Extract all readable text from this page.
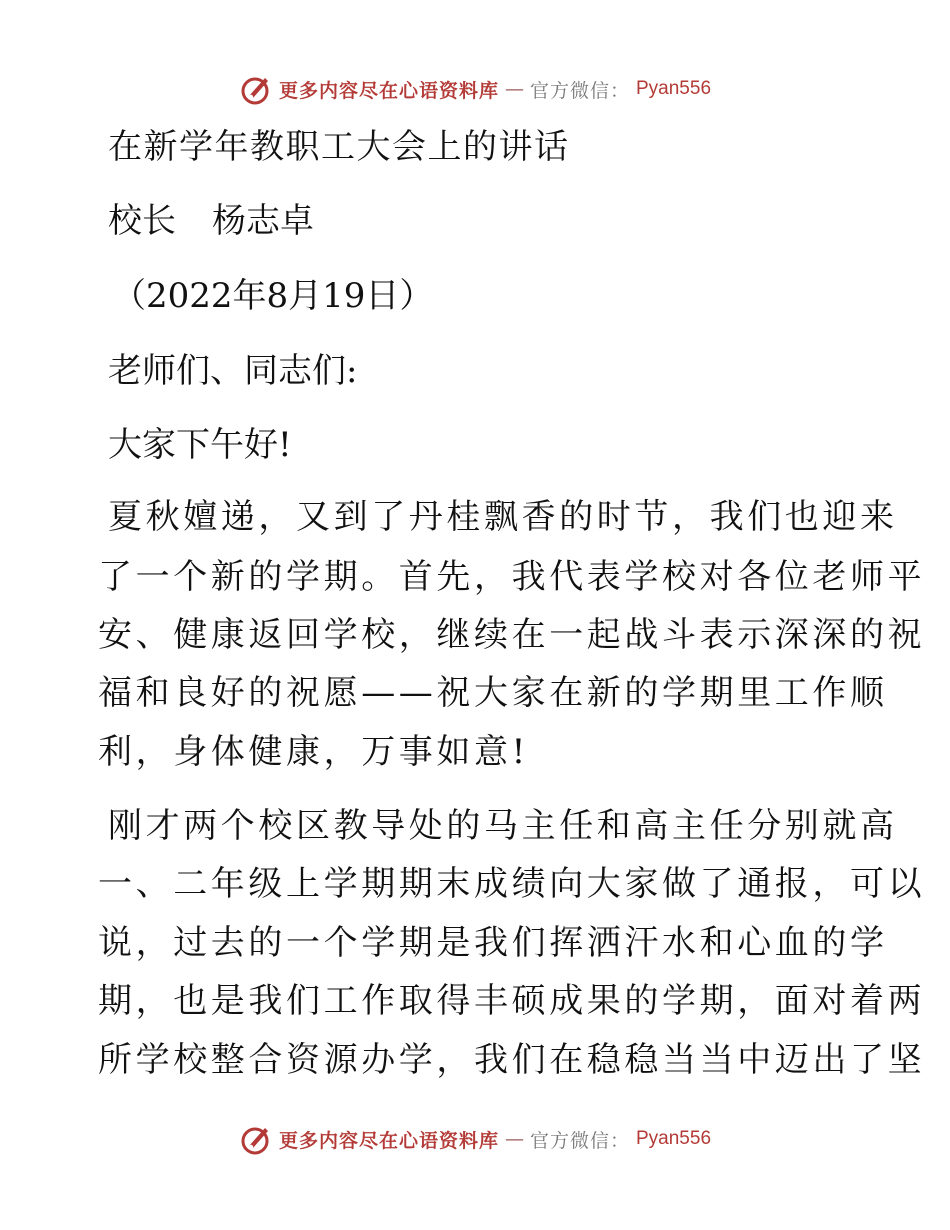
更多内容尽在心语资料库 — 官方微信： Pyan556
在新学年教职工大会上的讲话
校长 杨志卓
（2022年8月19日）
老师们、同志们:
大家下午好!
夏秋嬗递，又到了丹桂飘香的时节，我们也迎来
了一个新的学期。首先，我代表学校对各位老师平
安、健康返回学校，继续在一起战斗表示深深的祝
福和良好的祝愿——祝大家在新的学期里工作顺
利，身体健康，万事如意!
刚才两个校区教导处的马主任和高主任分别就高
一、二年级上学期期末成绩向大家做了通报，可以
说，过去的一个学期是我们挥洒汗水和心血的学
期，也是我们工作取得丰硕成果的学期，面对着两
所学校整合资源办学，我们在稳稳当当中迈出了坚
更多内容尽在心语资料库 — 官方微信： Pyan556
